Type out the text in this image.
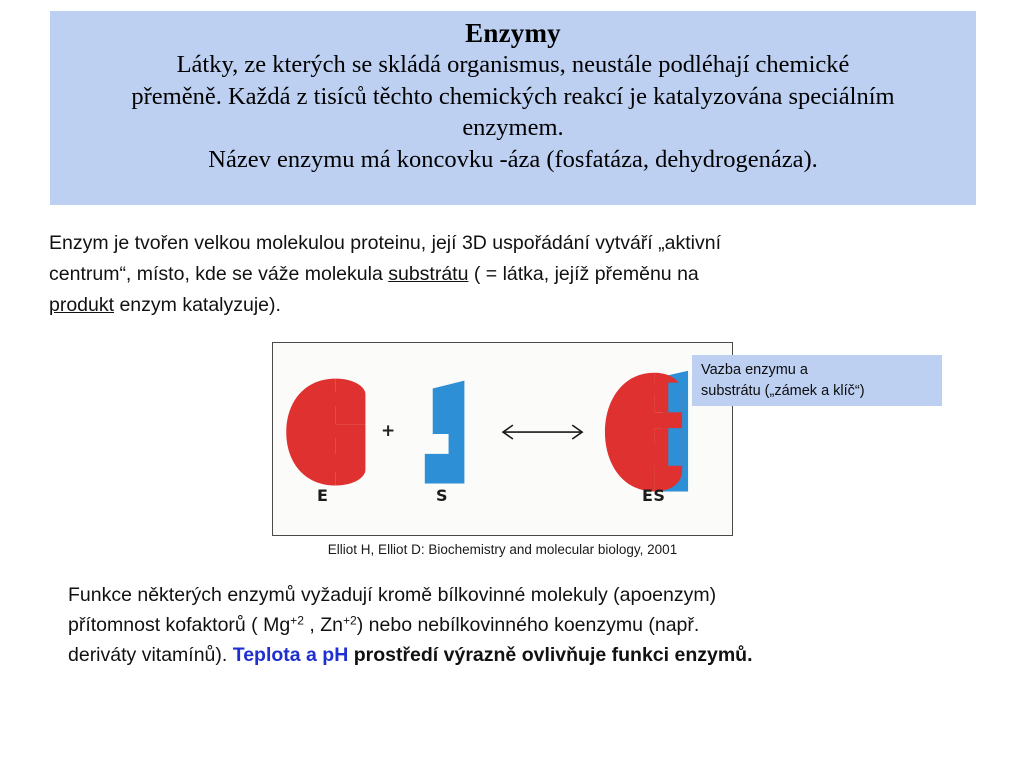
Enzymy
Látky, ze kterých se skládá organismus, neustále podléhají chemické
přeměně. Každá z tisíců těchto chemických reakcí je katalyzována speciálním
enzymem.
Název enzymu má koncovku -áza (fosfatáza, dehydrogenáza).
Enzym je tvořen velkou molekulou proteinu, její 3D uspořádání vytváří „aktivní
centrum“, místo, kde se váže molekula substrátu ( = látka, jejíž přeměnu na
produkt enzym katalyzuje).
+
E	S	ES
Vazba enzymu a
substrátu („zámek a klíč“)
Elliot H, Elliot D: Biochemistry and molecular biology, 2001
Funkce některých enzymů vyžadují kromě bílkovinné molekuly (apoenzym)
přítomnost kofaktorů ( $Mg^{+2}$ , $Zn^{+2}$) nebo nebílkovinného koenzymu (např.
deriváty vitamínů). Teplota a pH prostředí výrazně ovlivňuje funkci enzymů.
